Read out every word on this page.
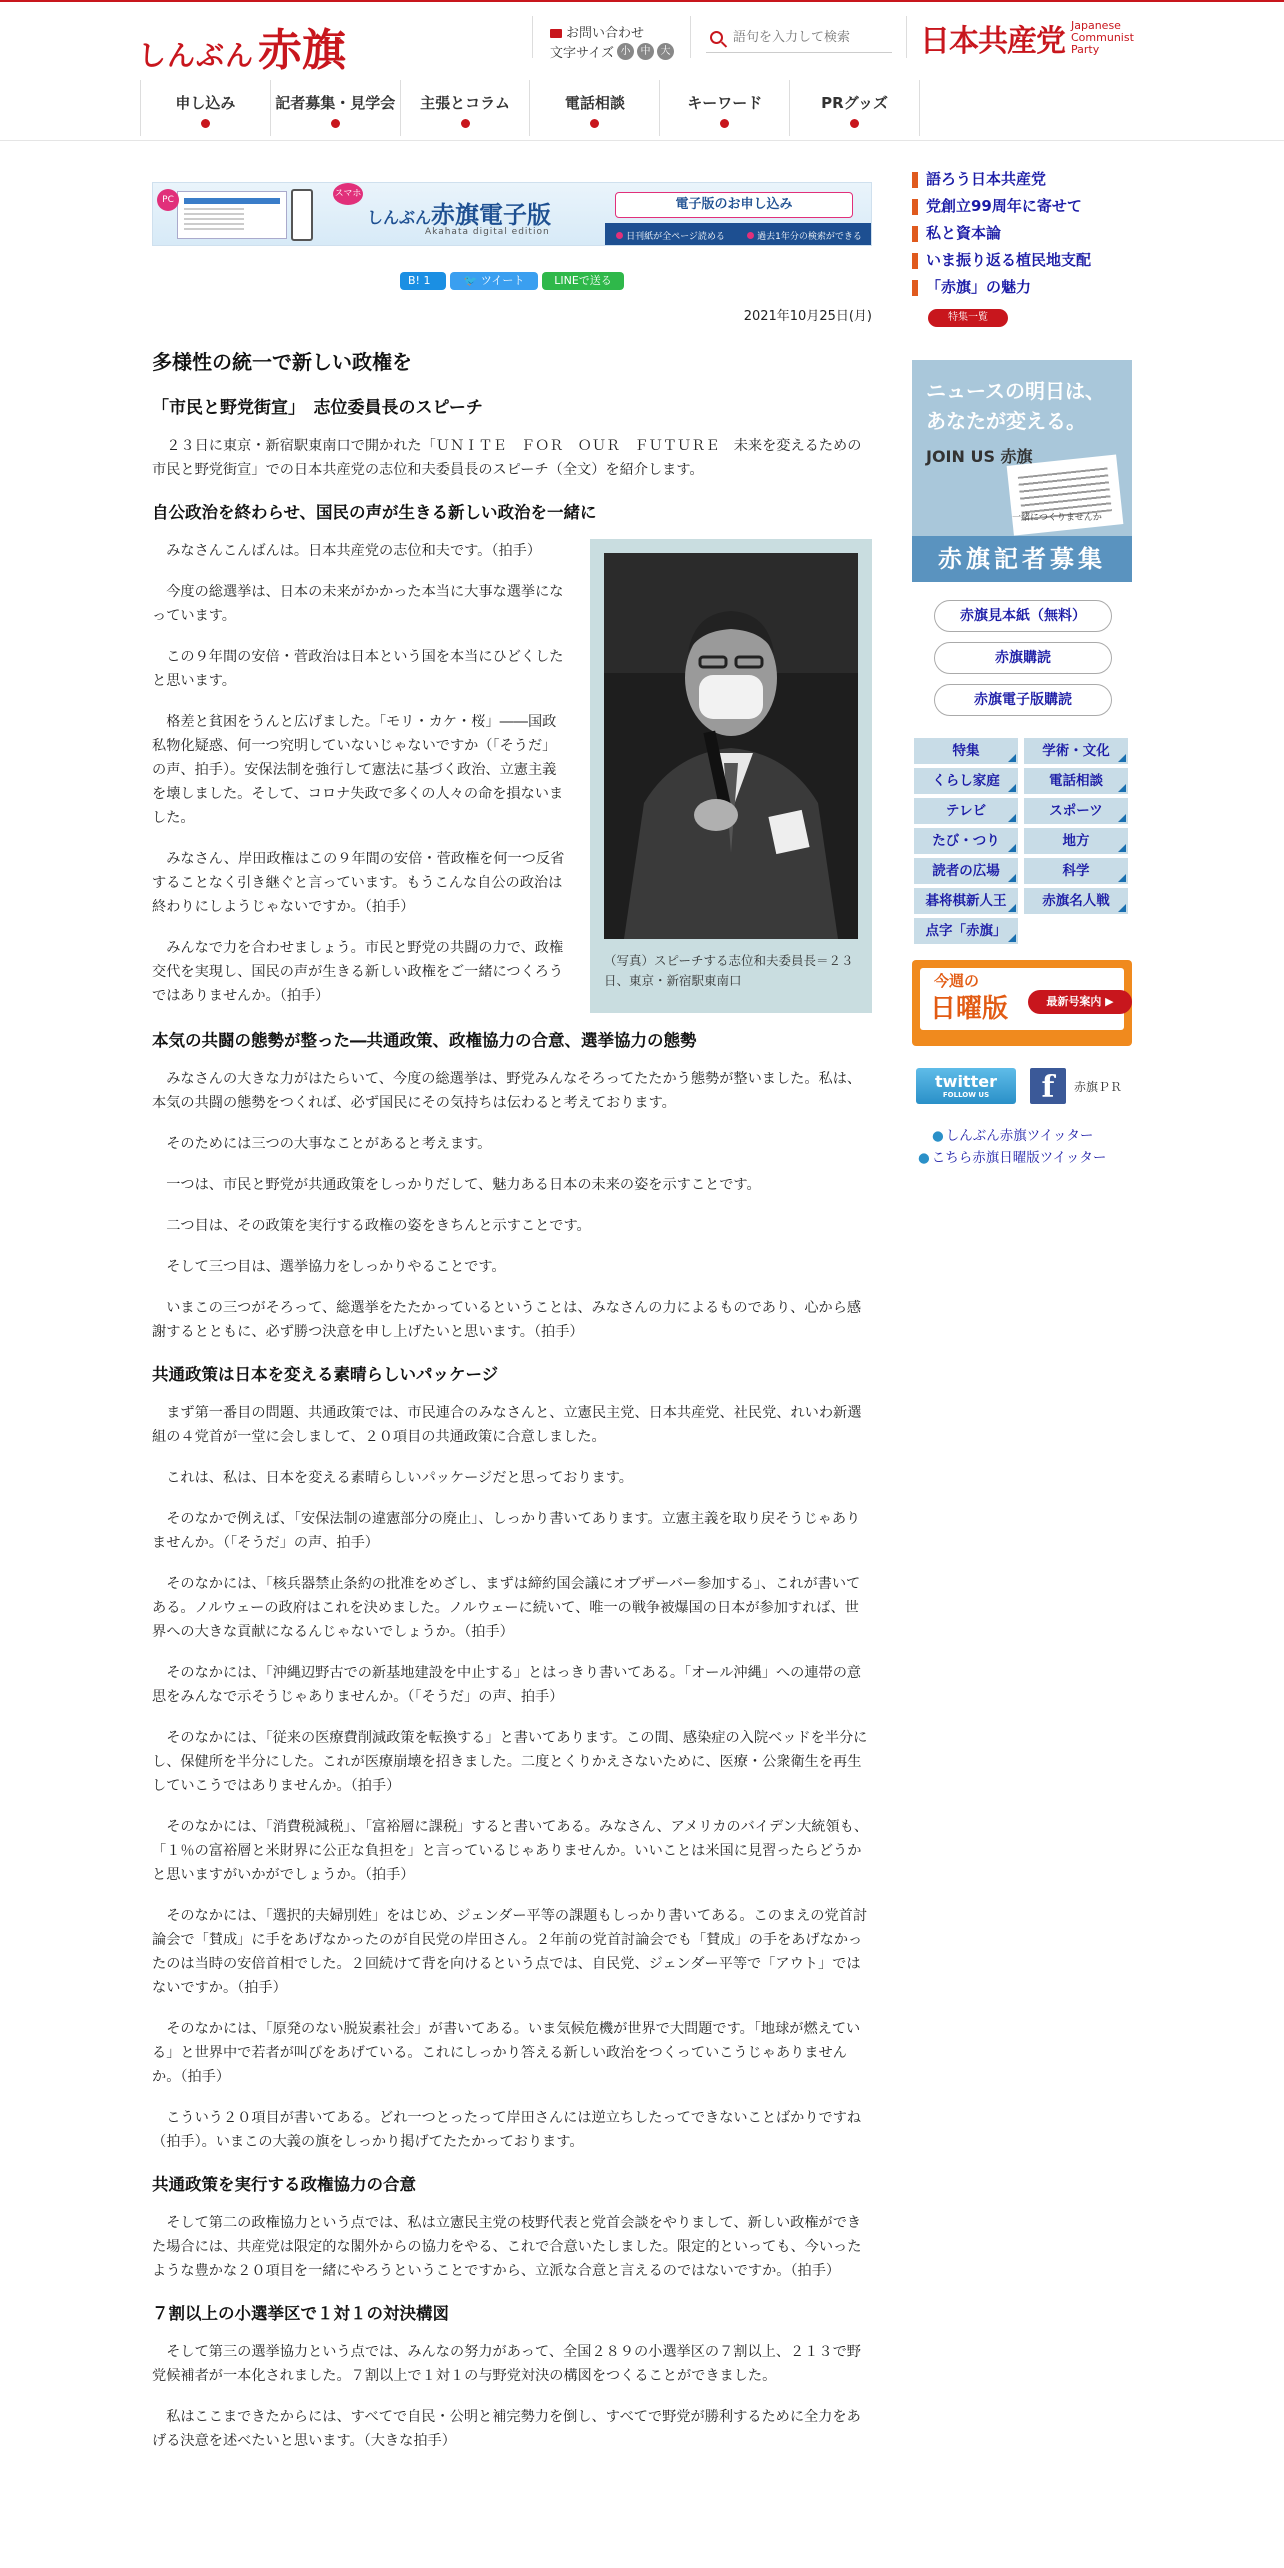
しんぶん 赤旗	お問い合わせ
文字サイズ 小	中	大
語句を入力して検索	日本共産党 Japanese
Communist
Party
申し込み	記者募集・見学会	主張とコラム	電話相談	キーワード	PRグッズ
PC
スマホ
しんぶん赤旗電子版
Akahata digital edition
電子版のお申し込み
日刊紙が全ページ読める	過去1年分の検索ができる
B! 1	🐦 ツイート	LINEで送る
2021年10月25日(月)
多様性の統一で新しい政権を
「市民と野党街宣」　志位委員長のスピーチ

２３日に東京・新宿駅東南口で開かれた「ＵＮＩＴＥ　ＦＯＲ　ＯＵＲ　ＦＵＴＵＲＥ　未来を変えるための市民と野党街宣」での日本共産党の志位和夫委員長のスピーチ（全文）を紹介します。

自公政治を終わらせ、国民の声が生きる新しい政治を一緒に
（写真）スピーチする志位和夫委員長＝２３日、東京・新宿駅東南口

みなさんこんばんは。日本共産党の志位和夫です。（拍手）

今度の総選挙は、日本の未来がかかった本当に大事な選挙になっています。

この９年間の安倍・菅政治は日本という国を本当にひどくしたと思います。

格差と貧困をうんと広げました。「モリ・カケ・桜」――国政私物化疑惑、何一つ究明していないじゃないですか（「そうだ」の声、拍手）。安保法制を強行して憲法に基づく政治、立憲主義を壊しました。そして、コロナ失政で多くの人々の命を損ないました。

みなさん、岸田政権はこの９年間の安倍・菅政権を何一つ反省することなく引き継ぐと言っています。もうこんな自公の政治は終わりにしようじゃないですか。（拍手）

みんなで力を合わせましょう。市民と野党の共闘の力で、政権交代を実現し、国民の声が生きる新しい政権をご一緒につくろうではありませんか。（拍手）

本気の共闘の態勢が整った―共通政策、政権協力の合意、選挙協力の態勢

みなさんの大きな力がはたらいて、今度の総選挙は、野党みんなそろってたたかう態勢が整いました。私は、本気の共闘の態勢をつくれば、必ず国民にその気持ちは伝わると考えております。

そのためには三つの大事なことがあると考えます。

一つは、市民と野党が共通政策をしっかりだして、魅力ある日本の未来の姿を示すことです。

二つ目は、その政策を実行する政権の姿をきちんと示すことです。

そして三つ目は、選挙協力をしっかりやることです。

いまこの三つがそろって、総選挙をたたかっているということは、みなさんの力によるものであり、心から感謝するとともに、必ず勝つ決意を申し上げたいと思います。（拍手）

共通政策は日本を変える素晴らしいパッケージ

まず第一番目の問題、共通政策では、市民連合のみなさんと、立憲民主党、日本共産党、社民党、れいわ新選組の４党首が一堂に会しまして、２０項目の共通政策に合意しました。

これは、私は、日本を変える素晴らしいパッケージだと思っております。

そのなかで例えば、「安保法制の違憲部分の廃止」、しっかり書いてあります。立憲主義を取り戻そうじゃありませんか。（「そうだ」の声、拍手）

そのなかには、「核兵器禁止条約の批准をめざし、まずは締約国会議にオブザーバー参加する」、これが書いてある。ノルウェーの政府はこれを決めました。ノルウェーに続いて、唯一の戦争被爆国の日本が参加すれば、世界への大きな貢献になるんじゃないでしょうか。（拍手）

そのなかには、「沖縄辺野古での新基地建設を中止する」とはっきり書いてある。「オール沖縄」への連帯の意思をみんなで示そうじゃありませんか。（「そうだ」の声、拍手）

そのなかには、「従来の医療費削減政策を転換する」と書いてあります。この間、感染症の入院ベッドを半分にし、保健所を半分にした。これが医療崩壊を招きました。二度とくりかえさないために、医療・公衆衛生を再生していこうではありませんか。（拍手）

そのなかには、「消費税減税」、「富裕層に課税」すると書いてある。みなさん、アメリカのバイデン大統領も、「１％の富裕層と米財界に公正な負担を」と言っているじゃありませんか。いいことは米国に見習ったらどうかと思いますがいかがでしょうか。（拍手）

そのなかには、「選択的夫婦別姓」をはじめ、ジェンダー平等の課題もしっかり書いてある。このまえの党首討論会で「賛成」に手をあげなかったのが自民党の岸田さん。２年前の党首討論会でも「賛成」の手をあげなかったのは当時の安倍首相でした。２回続けて背を向けるという点では、自民党、ジェンダー平等で「アウト」ではないですか。（拍手）

そのなかには、「原発のない脱炭素社会」が書いてある。いま気候危機が世界で大問題です。「地球が燃えている」と世界中で若者が叫びをあげている。これにしっかり答える新しい政治をつくっていこうじゃありませんか。（拍手）

こういう２０項目が書いてある。どれ一つとったって岸田さんには逆立ちしたってできないことばかりですね（拍手）。いまこの大義の旗をしっかり掲げてたたかっております。

共通政策を実行する政権協力の合意

そして第二の政権協力という点では、私は立憲民主党の枝野代表と党首会談をやりまして、新しい政権ができた場合には、共産党は限定的な閣外からの協力をやる、これで合意いたしました。限定的といっても、今いったような豊かな２０項目を一緒にやろうということですから、立派な合意と言えるのではないですか。（拍手）

７割以上の小選挙区で１対１の対決構図

そして第三の選挙協力という点では、みんなの努力があって、全国２８９の小選挙区の７割以上、２１３で野党候補者が一本化されました。７割以上で１対１の与野党対決の構図をつくることができました。

私はここまできたからには、すべてで自民・公明と補完勢力を倒し、すべてで野党が勝利するために全力をあげる決意を述べたいと思います。（大きな拍手）

語ろう日本共産党
党創立99周年に寄せて
私と資本論
いま振り返る植民地支配
「赤旗」の魅力
特集一覧
ニュースの明日は、
あなたが変える。
JOIN US 赤旗
一緒につくりませんか
赤旗記者募集
赤旗見本紙（無料）
赤旗購読
赤旗電子版購読
特集	学術・文化
くらし家庭	電話相談
テレビ	スポーツ
たび・つり	地方
読者の広場	科学
碁将棋新人王	赤旗名人戦
点字「赤旗」
今週の
日曜版	最新号案内 ▶
twitter
FOLLOW US	f	赤旗ＰＲ
● しんぶん赤旗ツイッター
● こちら赤旗日曜版ツイッター
